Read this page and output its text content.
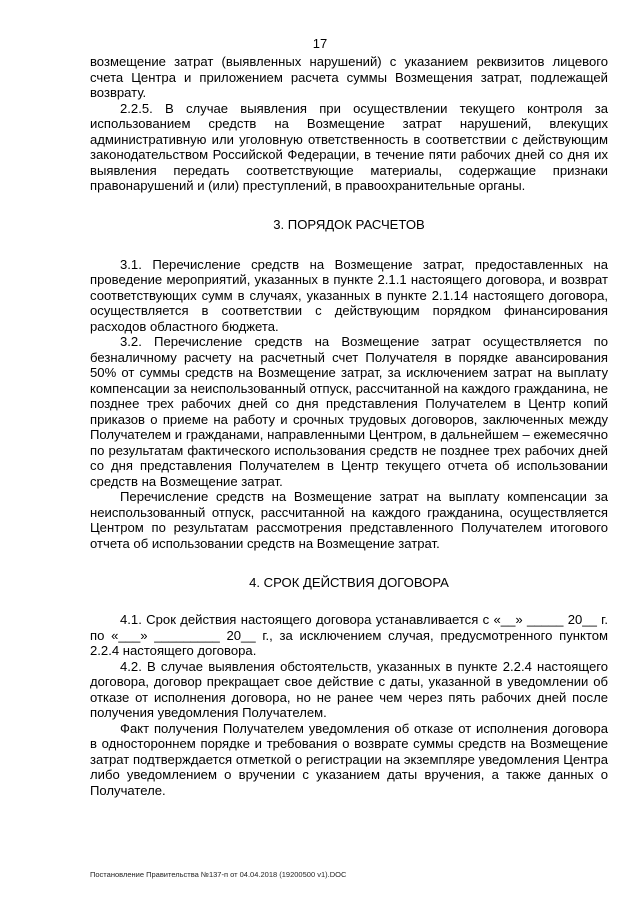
17

возмещение затрат (выявленных нарушений) с указанием реквизитов лицевого счета Центра и приложением расчета суммы Возмещения затрат, подлежащей возврату.

2.2.5. В случае выявления при осуществлении текущего контроля за использованием средств на Возмещение затрат нарушений, влекущих административную или уголовную ответственность в соответствии с действующим законодательством Российской Федерации, в течение пяти рабочих дней со дня их выявления передать соответствующие материалы, содержащие признаки правонарушений и (или) преступлений, в правоохранительные органы.

3. ПОРЯДОК РАСЧЕТОВ

3.1. Перечисление средств на Возмещение затрат, предоставленных на проведение мероприятий, указанных в пункте 2.1.1 настоящего договора, и возврат соответствующих сумм в случаях, указанных в пункте 2.1.14 настоящего договора, осуществляется в соответствии с действующим порядком финансирования расходов областного бюджета.

3.2. Перечисление средств на Возмещение затрат осуществляется по безналичному расчету на расчетный счет Получателя в порядке авансирования 50% от суммы средств на Возмещение затрат, за исключением затрат на выплату компенсации за неиспользованный отпуск, рассчитанной на каждого гражданина, не позднее трех рабочих дней со дня представления Получателем в Центр копий приказов о приеме на работу и срочных трудовых договоров, заключенных между Получателем и гражданами, направленными Центром, в дальнейшем – ежемесячно по результатам фактического использования средств не позднее трех рабочих дней со дня представления Получателем в Центр текущего отчета об использовании средств на Возмещение затрат.

Перечисление средств на Возмещение затрат на выплату компенсации за неиспользованный отпуск, рассчитанной на каждого гражданина, осуществляется Центром по результатам рассмотрения представленного Получателем итогового отчета об использовании средств на Возмещение затрат.

4. СРОК ДЕЙСТВИЯ ДОГОВОРА

4.1. Срок действия настоящего договора устанавливается с «__» _____ 20__ г. по «___» _________ 20__ г., за исключением случая, предусмотренного пунктом 2.2.4 настоящего договора.

4.2. В случае выявления обстоятельств, указанных в пункте 2.2.4 настоящего договора, договор прекращает свое действие с даты, указанной в уведомлении об отказе от исполнения договора, но не ранее чем через пять рабочих дней после получения уведомления Получателем.

Факт получения Получателем уведомления об отказе от исполнения договора в одностороннем порядке и требования о возврате суммы средств на Возмещение затрат подтверждается отметкой о регистрации на экземпляре уведомления Центра либо уведомлением о вручении с указанием даты вручения, а также данных о Получателе.

Постановление Правительства №137-п от 04.04.2018 (19200500 v1).DOC
